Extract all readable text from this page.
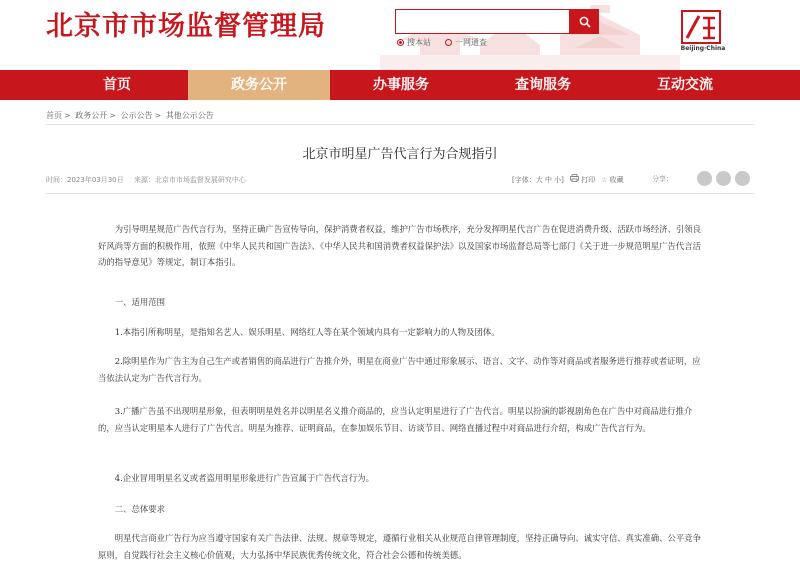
北京市市场监督管理局
搜本站	一网通查
Beijing·China
首页	政务公开	办事服务	查询服务	互动交流
首页 > 政务公开 > 公示公告 > 其他公示公告
北京市明星广告代言行为合规指引
时间：2023年03月30日 来源：北京市市场监督发展研究中心	[字体：大 中 小]	打印 ☆ 收藏	分享：

为引导明星规范广告代言行为，坚持正确广告宣传导向，保护消费者权益，维护广告市场秩序，充分发挥明星代言广告在促进消费升级、活跃市场经济、引领良好风尚等方面的积极作用，依照《中华人民共和国广告法》、《中华人民共和国消费者权益保护法》以及国家市场监督总局等七部门《关于进一步规范明星广告代言活动的指导意见》等规定，制订本指引。

一、适用范围

1.本指引所称明星，是指知名艺人、娱乐明星、网络红人等在某个领域内具有一定影响力的人物及团体。

2.除明星作为广告主为自己生产或者销售的商品进行广告推介外，明星在商业广告中通过形象展示、语言、文字、动作等对商品或者服务进行推荐或者证明，应当依法认定为广告代言行为。

3.广播广告虽不出现明星形象，但表明明星姓名并以明星名义推介商品的，应当认定明星进行了广告代言。明星以扮演的影视剧角色在广告中对商品进行推介的，应当认定明星本人进行了广告代言。明星为推荐、证明商品，在参加娱乐节目、访谈节目、网络直播过程中对商品进行介绍，构成广告代言行为。

4.企业冒用明星名义或者盗用明星形象进行广告宣属于广告代言行为。

二、总体要求

明星代言商业广告行为应当遵守国家有关广告法律、法规、规章等规定，遵循行业相关从业规范自律管理制度，坚持正确导向、诚实守信、真实准确、公平竞争原则，自觉践行社会主义核心价值观，大力弘扬中华民族优秀传统文化，符合社会公德和传统美德。
